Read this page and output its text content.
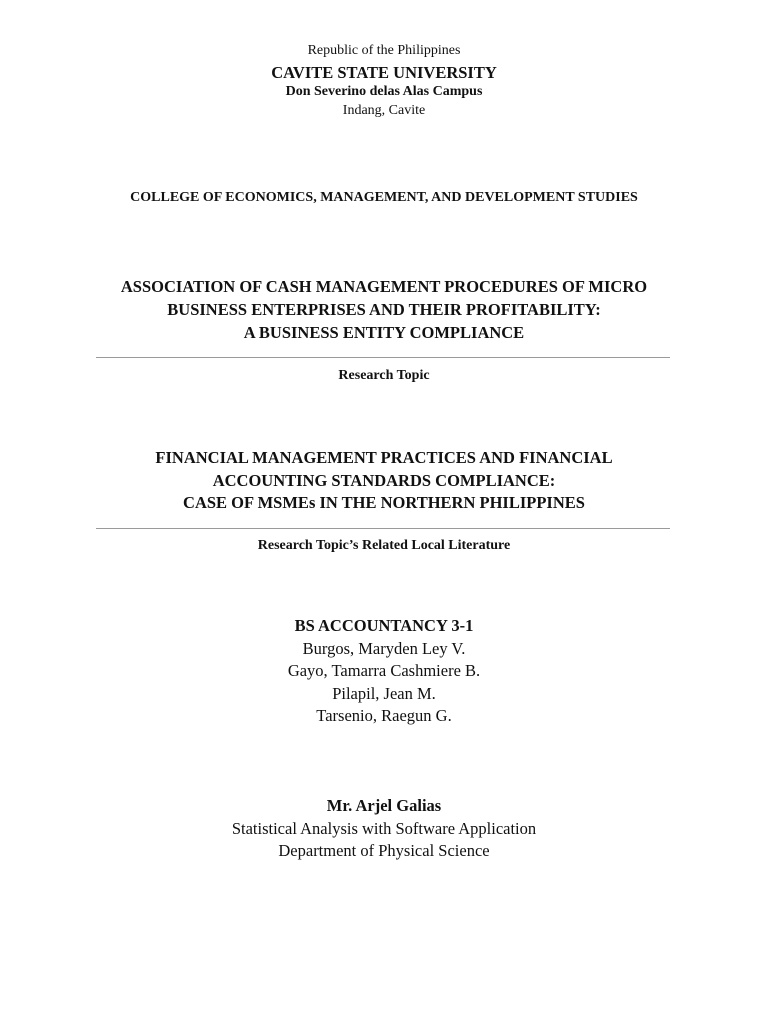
Republic of the Philippines
CAVITE STATE UNIVERSITY
Don Severino delas Alas Campus
Indang, Cavite
COLLEGE OF ECONOMICS, MANAGEMENT, AND DEVELOPMENT STUDIES
ASSOCIATION OF CASH MANAGEMENT PROCEDURES OF MICRO
BUSINESS ENTERPRISES AND THEIR PROFITABILITY:
A BUSINESS ENTITY COMPLIANCE
Research Topic
FINANCIAL MANAGEMENT PRACTICES AND FINANCIAL
ACCOUNTING STANDARDS COMPLIANCE:
CASE OF MSMEs IN THE NORTHERN PHILIPPINES
Research Topic’s Related Local Literature
BS ACCOUNTANCY 3-1
Burgos, Maryden Ley V.
Gayo, Tamarra Cashmiere B.
Pilapil, Jean M.
Tarsenio, Raegun G.
Mr. Arjel Galias
Statistical Analysis with Software Application
Department of Physical Science
